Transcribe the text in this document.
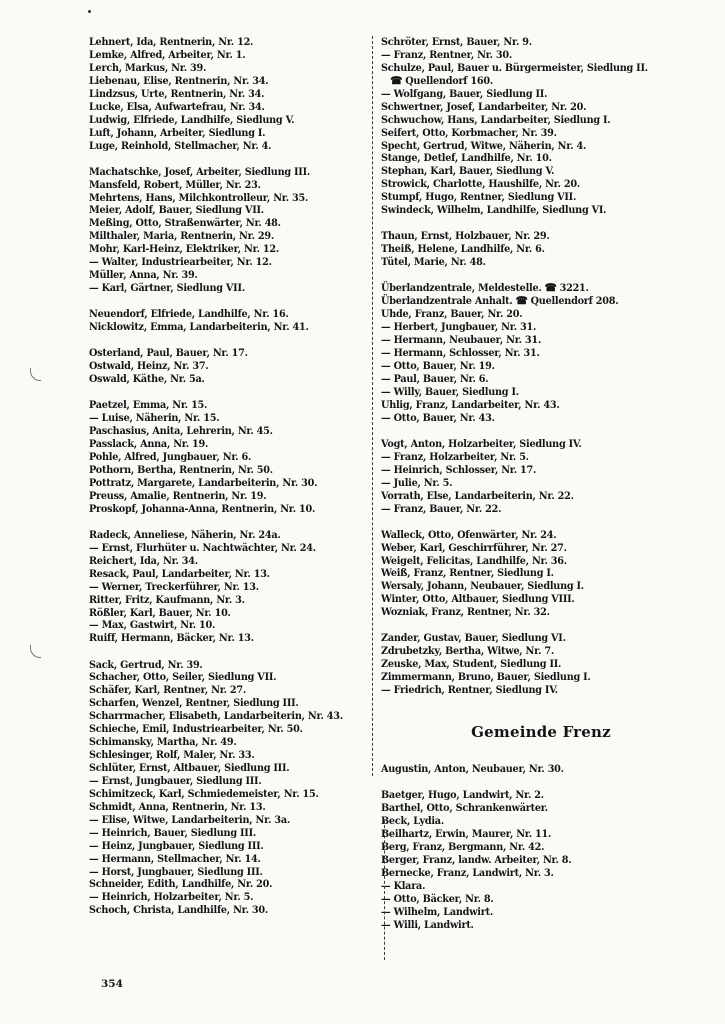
Lehnert, Ida, Rentnerin, Nr. 12.
Lemke, Alfred, Arbeiter, Nr. 1.
Lerch, Markus, Nr. 39.
Liebenau, Elise, Rentnerin, Nr. 34.
Lindzsus, Urte, Rentnerin, Nr. 34.
Lucke, Elsa, Aufwartefrau, Nr. 34.
Ludwig, Elfriede, Landhilfe, Siedlung V.
Luft, Johann, Arbeiter, Siedlung I.
Luge, Reinhold, Stellmacher, Nr. 4.
Machatschke, Josef, Arbeiter, Siedlung III.
Mansfeld, Robert, Müller, Nr. 23.
Mehrtens, Hans, Milchkontrolleur, Nr. 35.
Meier, Adolf, Bauer, Siedlung VII.
Meßing, Otto, Straßenwärter, Nr. 48.
Milthaler, Maria, Rentnerin, Nr. 29.
Mohr, Karl-Heinz, Elektriker, Nr. 12.
— Walter, Industriearbeiter, Nr. 12.
Müller, Anna, Nr. 39.
— Karl, Gärtner, Siedlung VII.
Neuendorf, Elfriede, Landhilfe, Nr. 16.
Nicklowitz, Emma, Landarbeiterin, Nr. 41.
Osterland, Paul, Bauer, Nr. 17.
Ostwald, Heinz, Nr. 37.
Oswald, Käthe, Nr. 5a.
Paetzel, Emma, Nr. 15.
— Luise, Näherin, Nr. 15.
Paschasius, Anita, Lehrerin, Nr. 45.
Passlack, Anna, Nr. 19.
Pohle, Alfred, Jungbauer, Nr. 6.
Pothorn, Bertha, Rentnerin, Nr. 50.
Pottratz, Margarete, Landarbeiterin, Nr. 30.
Preuss, Amalie, Rentnerin, Nr. 19.
Proskopf, Johanna-Anna, Rentnerin, Nr. 10.
Radeck, Anneliese, Näherin, Nr. 24a.
— Ernst, Flurhüter u. Nachtwächter, Nr. 24.
Reichert, Ida, Nr. 34.
Resack, Paul, Landarbeiter, Nr. 13.
— Werner, Treckerführer, Nr. 13.
Ritter, Fritz, Kaufmann, Nr. 3.
Rößler, Karl, Bauer, Nr. 10.
— Max, Gastwirt, Nr. 10.
Ruiff, Hermann, Bäcker, Nr. 13.
Sack, Gertrud, Nr. 39.
Schacher, Otto, Seiler, Siedlung VII.
Schäfer, Karl, Rentner, Nr. 27.
Scharfen, Wenzel, Rentner, Siedlung III.
Scharrmacher, Elisabeth, Landarbeiterin, Nr. 43.
Schieche, Emil, Industriearbeiter, Nr. 50.
Schimansky, Martha, Nr. 49.
Schlesinger, Rolf, Maler, Nr. 33.
Schlüter, Ernst, Altbauer, Siedlung III.
— Ernst, Jungbauer, Siedlung III.
Schimitzeck, Karl, Schmiedemeister, Nr. 15.
Schmidt, Anna, Rentnerin, Nr. 13.
— Elise, Witwe, Landarbeiterin, Nr. 3a.
— Heinrich, Bauer, Siedlung III.
— Heinz, Jungbauer, Siedlung III.
— Hermann, Stellmacher, Nr. 14.
— Horst, Jungbauer, Siedlung III.
Schneider, Edith, Landhilfe, Nr. 20.
— Heinrich, Holzarbeiter, Nr. 5.
Schoch, Christa, Landhilfe, Nr. 30.
Schröter, Ernst, Bauer, Nr. 9.
— Franz, Rentner, Nr. 30.
Schulze, Paul, Bauer u. Bürgermeister, Siedlung II.
☎ Quellendorf 160.
— Wolfgang, Bauer, Siedlung II.
Schwertner, Josef, Landarbeiter, Nr. 20.
Schwuchow, Hans, Landarbeiter, Siedlung I.
Seifert, Otto, Korbmacher, Nr. 39.
Specht, Gertrud, Witwe, Näherin, Nr. 4.
Stange, Detlef, Landhilfe, Nr. 10.
Stephan, Karl, Bauer, Siedlung V.
Strowick, Charlotte, Haushilfe, Nr. 20.
Stumpf, Hugo, Rentner, Siedlung VII.
Swindeck, Wilhelm, Landhilfe, Siedlung VI.
Thaun, Ernst, Holzbauer, Nr. 29.
Theiß, Helene, Landhilfe, Nr. 6.
Tütel, Marie, Nr. 48.
Überlandzentrale, Meldestelle. ☎ 3221.
Überlandzentrale Anhalt. ☎ Quellendorf 208.
Uhde, Franz, Bauer, Nr. 20.
— Herbert, Jungbauer, Nr. 31.
— Hermann, Neubauer, Nr. 31.
— Hermann, Schlosser, Nr. 31.
— Otto, Bauer, Nr. 19.
— Paul, Bauer, Nr. 6.
— Willy, Bauer, Siedlung I.
Uhlig, Franz, Landarbeiter, Nr. 43.
— Otto, Bauer, Nr. 43.
Vogt, Anton, Holzarbeiter, Siedlung IV.
— Franz, Holzarbeiter, Nr. 5.
— Heinrich, Schlosser, Nr. 17.
— Julie, Nr. 5.
Vorrath, Else, Landarbeiterin, Nr. 22.
— Franz, Bauer, Nr. 22.
Walleck, Otto, Ofenwärter, Nr. 24.
Weber, Karl, Geschirrführer, Nr. 27.
Weigelt, Felicitas, Landhilfe, Nr. 36.
Weiß, Franz, Rentner, Siedlung I.
Wersaly, Johann, Neubauer, Siedlung I.
Winter, Otto, Altbauer, Siedlung VIII.
Wozniak, Franz, Rentner, Nr. 32.
Zander, Gustav, Bauer, Siedlung VI.
Zdrubetzky, Bertha, Witwe, Nr. 7.
Zeuske, Max, Student, Siedlung II.
Zimmermann, Bruno, Bauer, Siedlung I.
— Friedrich, Rentner, Siedlung IV.
Gemeinde Frenz
Augustin, Anton, Neubauer, Nr. 30.
Baetger, Hugo, Landwirt, Nr. 2.
Barthel, Otto, Schrankenwärter.
Beck, Lydia.
Beilhartz, Erwin, Maurer, Nr. 11.
Berg, Franz, Bergmann, Nr. 42.
Berger, Franz, landw. Arbeiter, Nr. 8.
Bernecke, Franz, Landwirt, Nr. 3.
— Klara.
— Otto, Bäcker, Nr. 8.
— Wilhelm, Landwirt.
— Willi, Landwirt.
354
